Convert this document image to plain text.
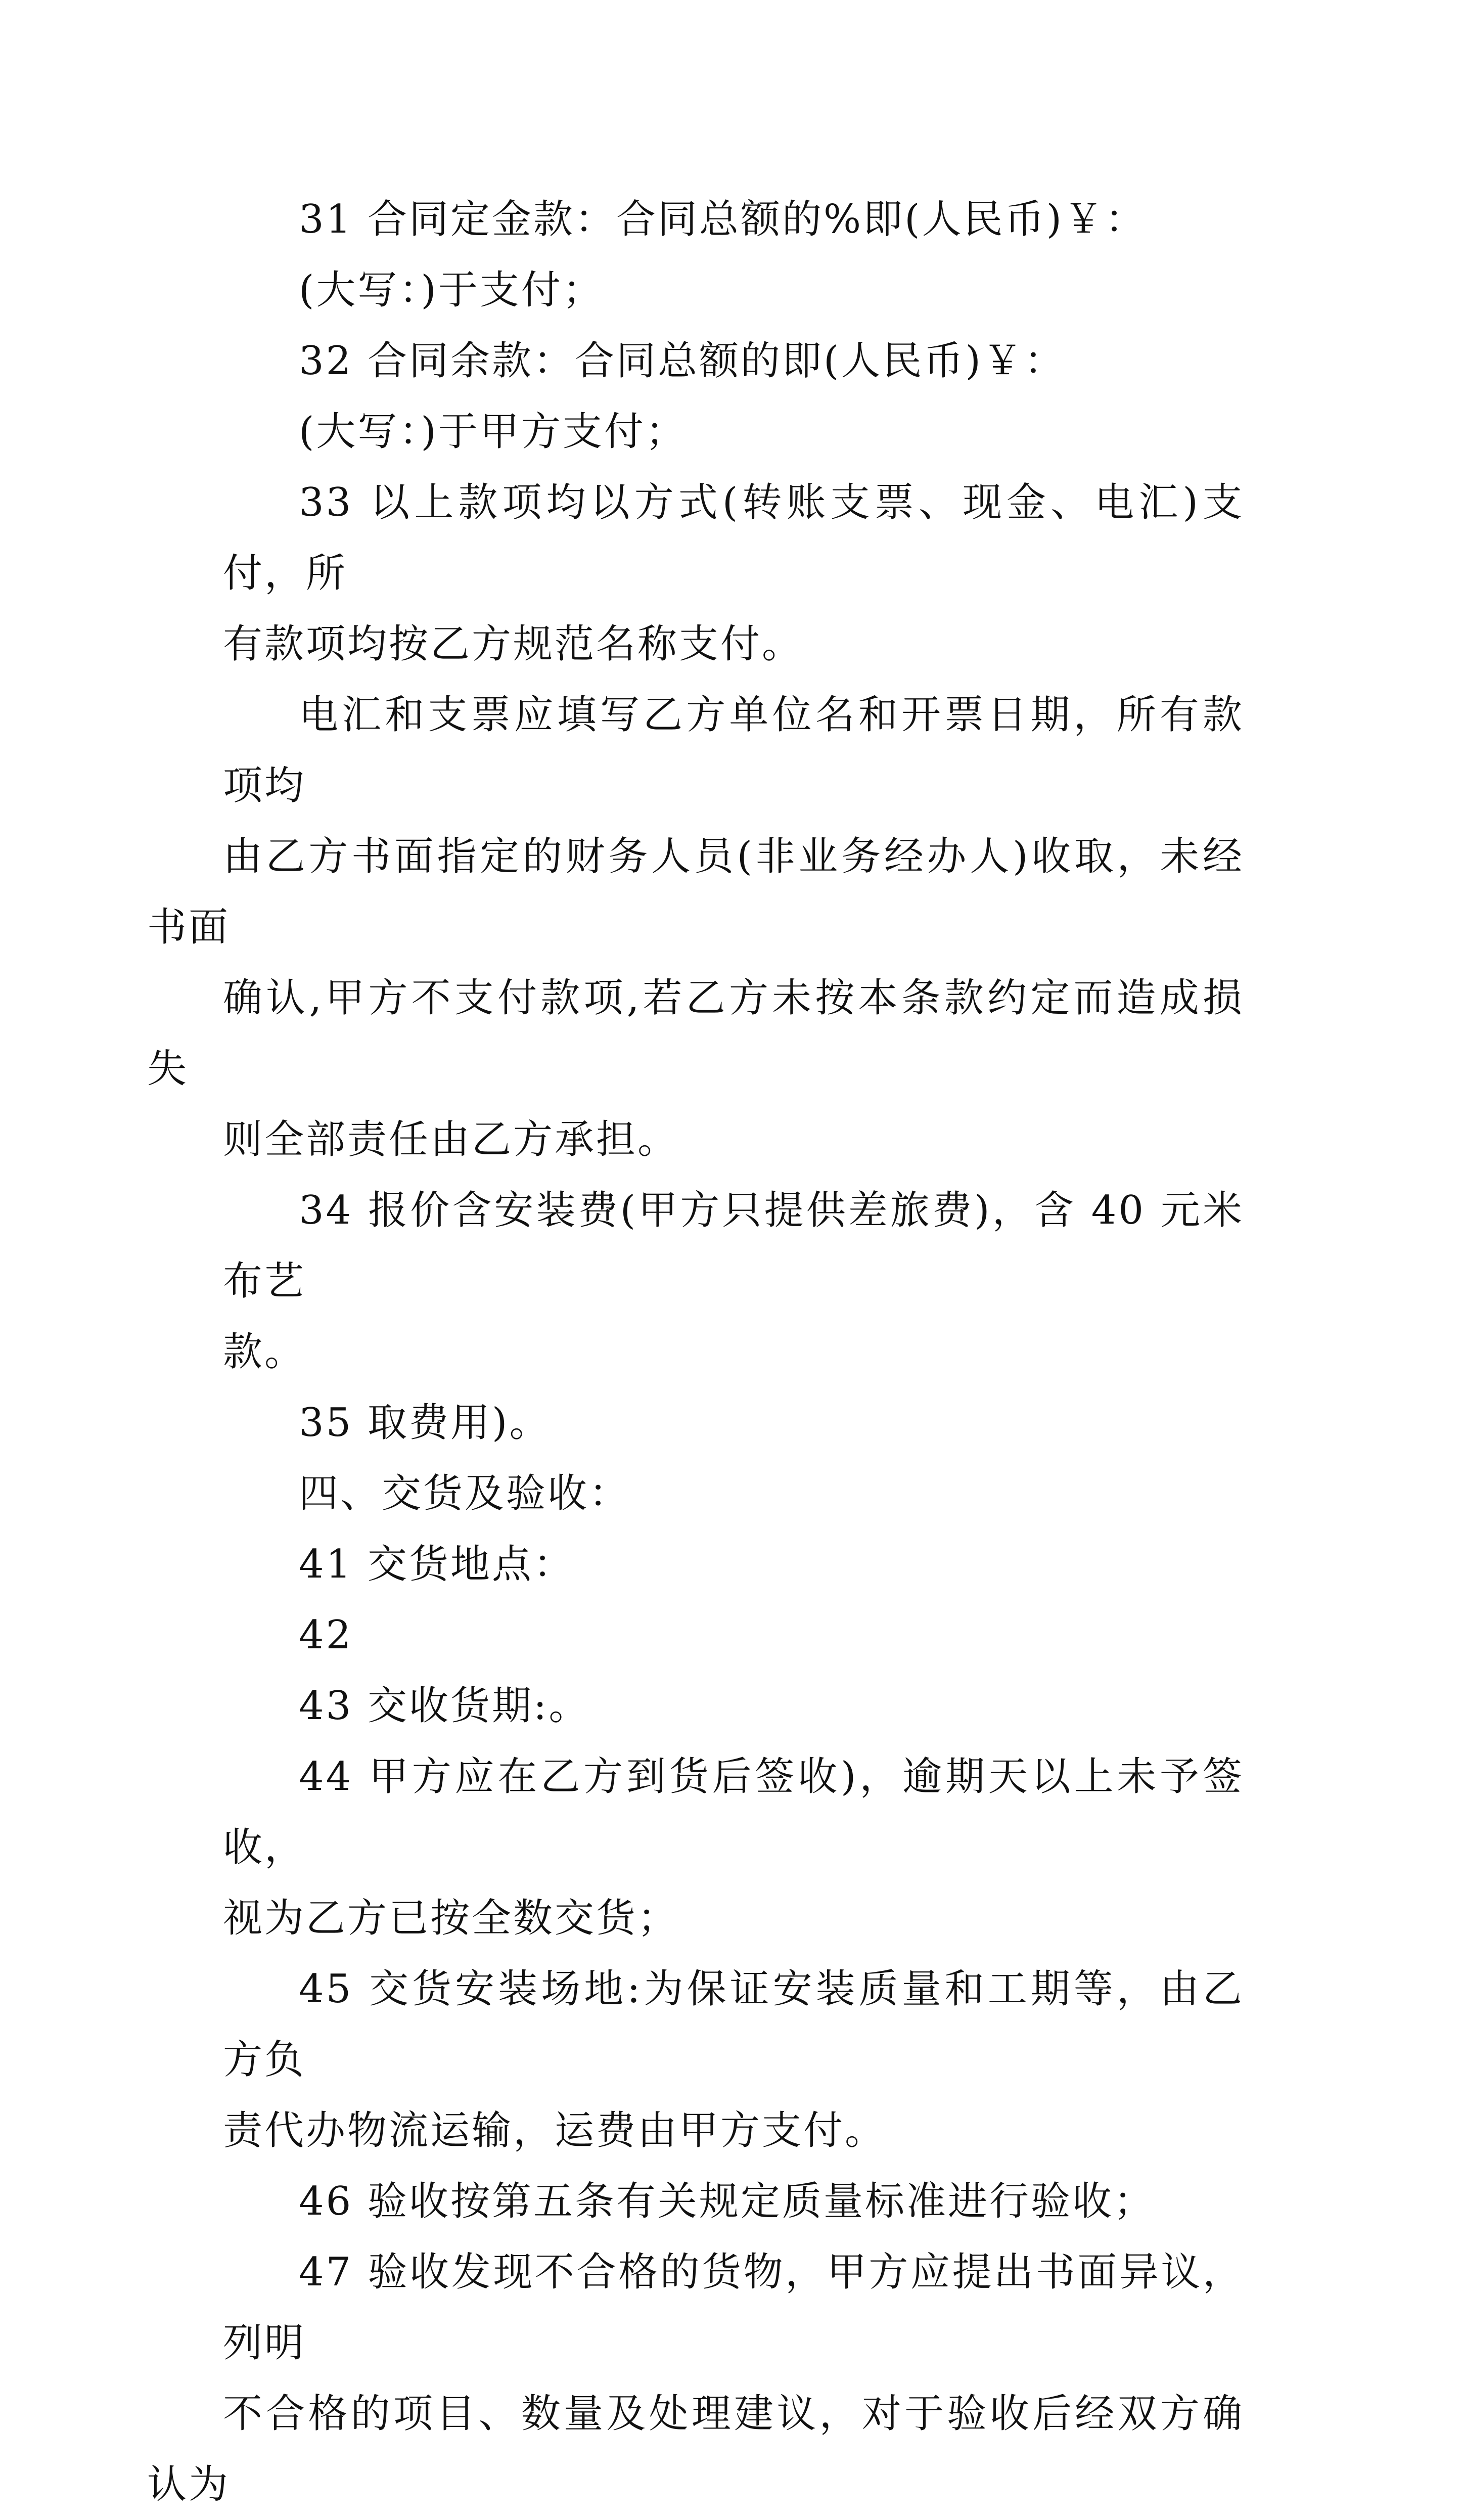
31 合同定金款：合同总额的%即(人民币)￥：

(大写：)于支付；

32 合同余款：合同总额的即(人民币)￥：

(大写：)于甲方支付；

33 以上款项均以方式(转账支票、现金、电汇)支付，所
有款项均按乙方规范名称支付。

电汇和支票应填写乙方单位名和开票日期，所有款项均
由乙方书面指定的财务人员(非业务经办人)收取，未经书面
确认,甲方不支付款项,若乙方未按本条款约定而造成损失
则全部责任由乙方承担。

34 报价含安装费(甲方只提供差旅费)，含 40 元米布艺
款。

35 取费用)。

四、交货及验收：

41 交货地点：

42

43 交收货期:。

44 甲方应在乙方到货后签收)，逾期天以上未予签收，
视为乙方已按全数交货；

45 交货安装场地:为保证安装质量和工期等，由乙方负
责代办物流运输，运费由甲方支付。

46 验收按第五条有关规定质量标准进行验收；

47 验收发现不合格的货物，甲方应提出书面异议，列明
不合格的项目、数量及处理建议，对于验收后经双方确认为
